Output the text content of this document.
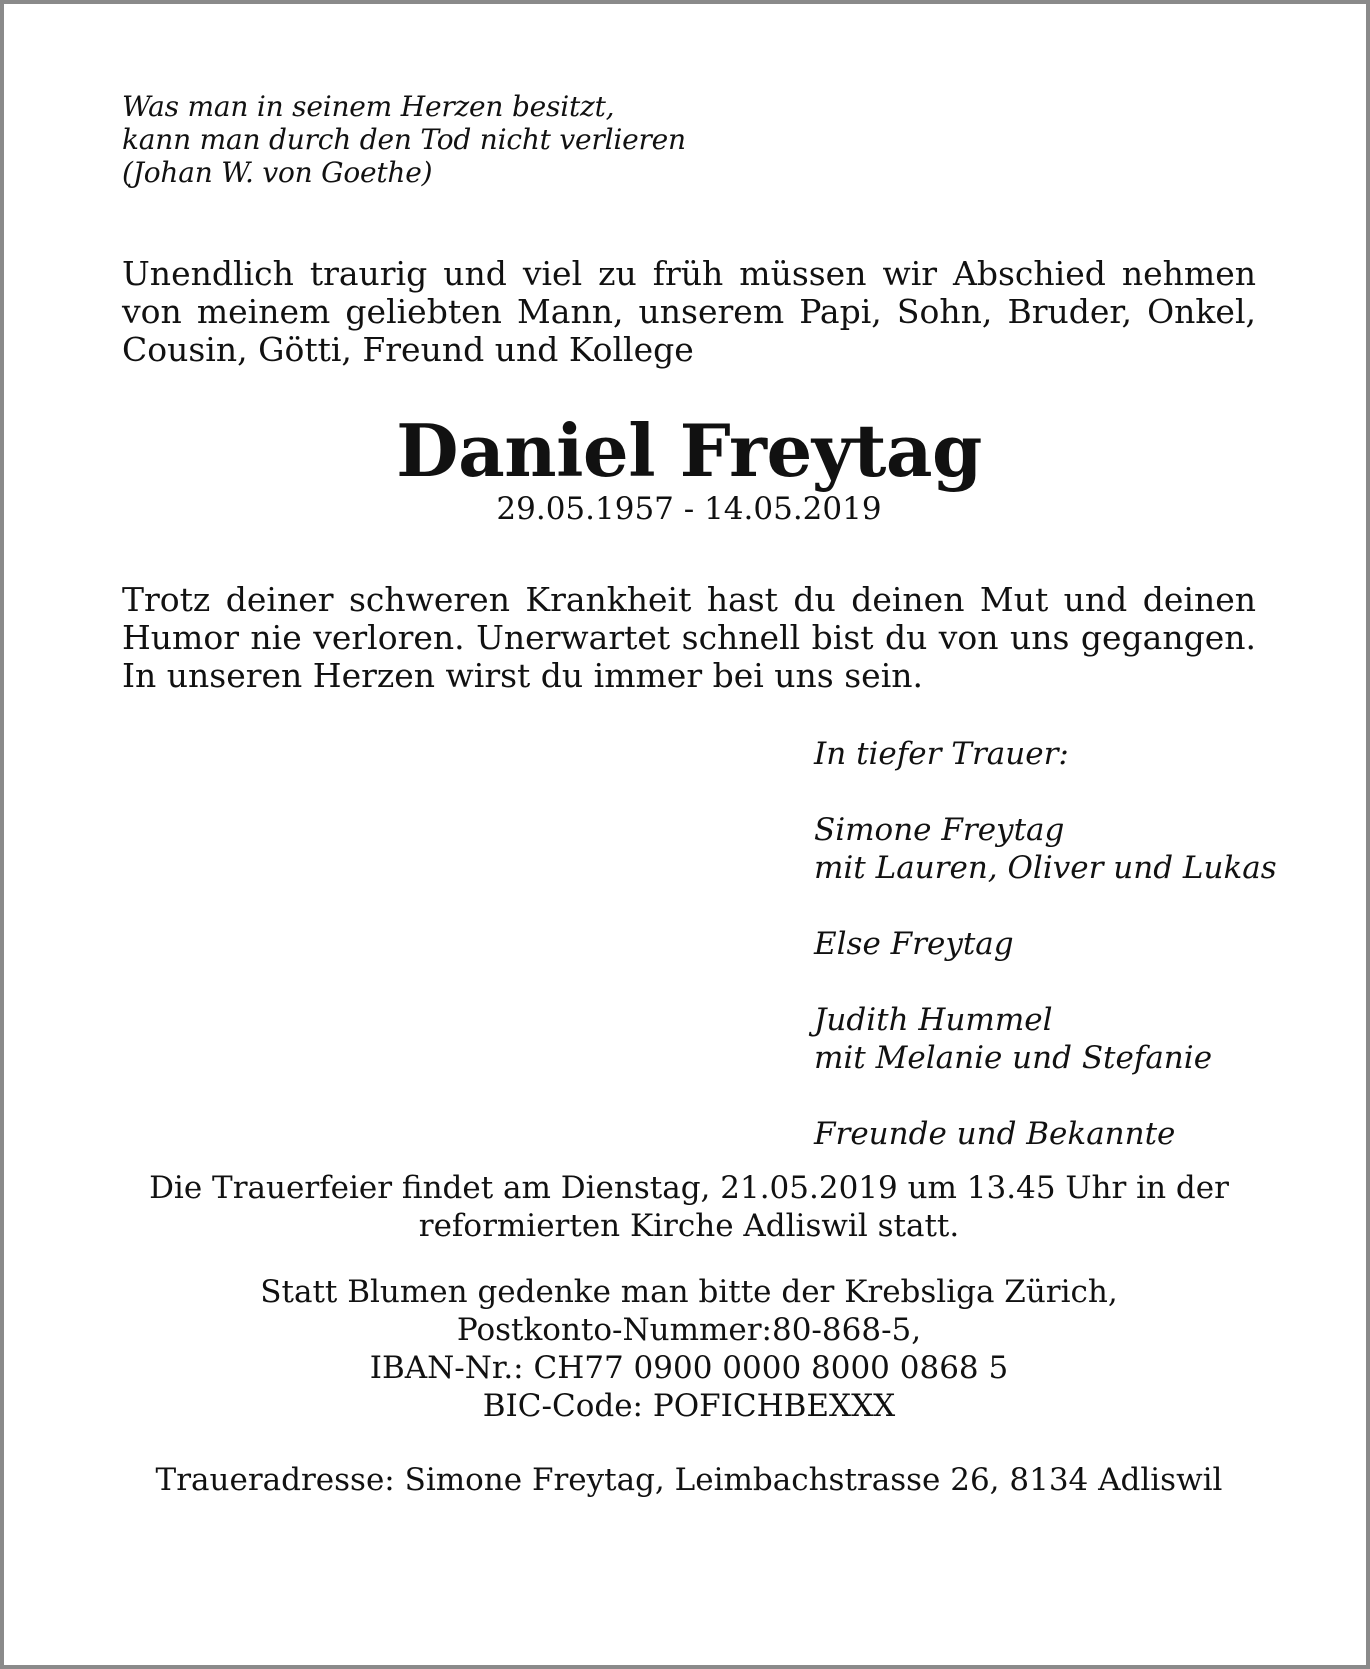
Was man in seinem Herzen besitzt,
kann man durch den Tod nicht verlieren
(Johan W. von Goethe)
Unendlich traurig und viel zu früh müssen wir Abschied nehmen
von meinem geliebten Mann, unserem Papi, Sohn, Bruder, Onkel,
Cousin, Götti, Freund und Kollege
Daniel Freytag
29.05.1957 - 14.05.2019
Trotz deiner schweren Krankheit hast du deinen Mut und deinen
Humor nie verloren. Unerwartet schnell bist du von uns gegangen.
In unseren Herzen wirst du immer bei uns sein.
In tiefer Trauer:
Simone Freytag
mit Lauren, Oliver und Lukas
Else Freytag
Judith Hummel
mit Melanie und Stefanie
Freunde und Bekannte
Die Trauerfeier findet am Dienstag, 21.05.2019 um 13.45 Uhr in der
reformierten Kirche Adliswil statt.
Statt Blumen gedenke man bitte der Krebsliga Zürich,
Postkonto-Nummer:80-868-5,
IBAN-Nr.: CH77 0900 0000 8000 0868 5
BIC-Code: POFICHBEXXX
Traueradresse: Simone Freytag, Leimbachstrasse 26, 8134 Adliswil
